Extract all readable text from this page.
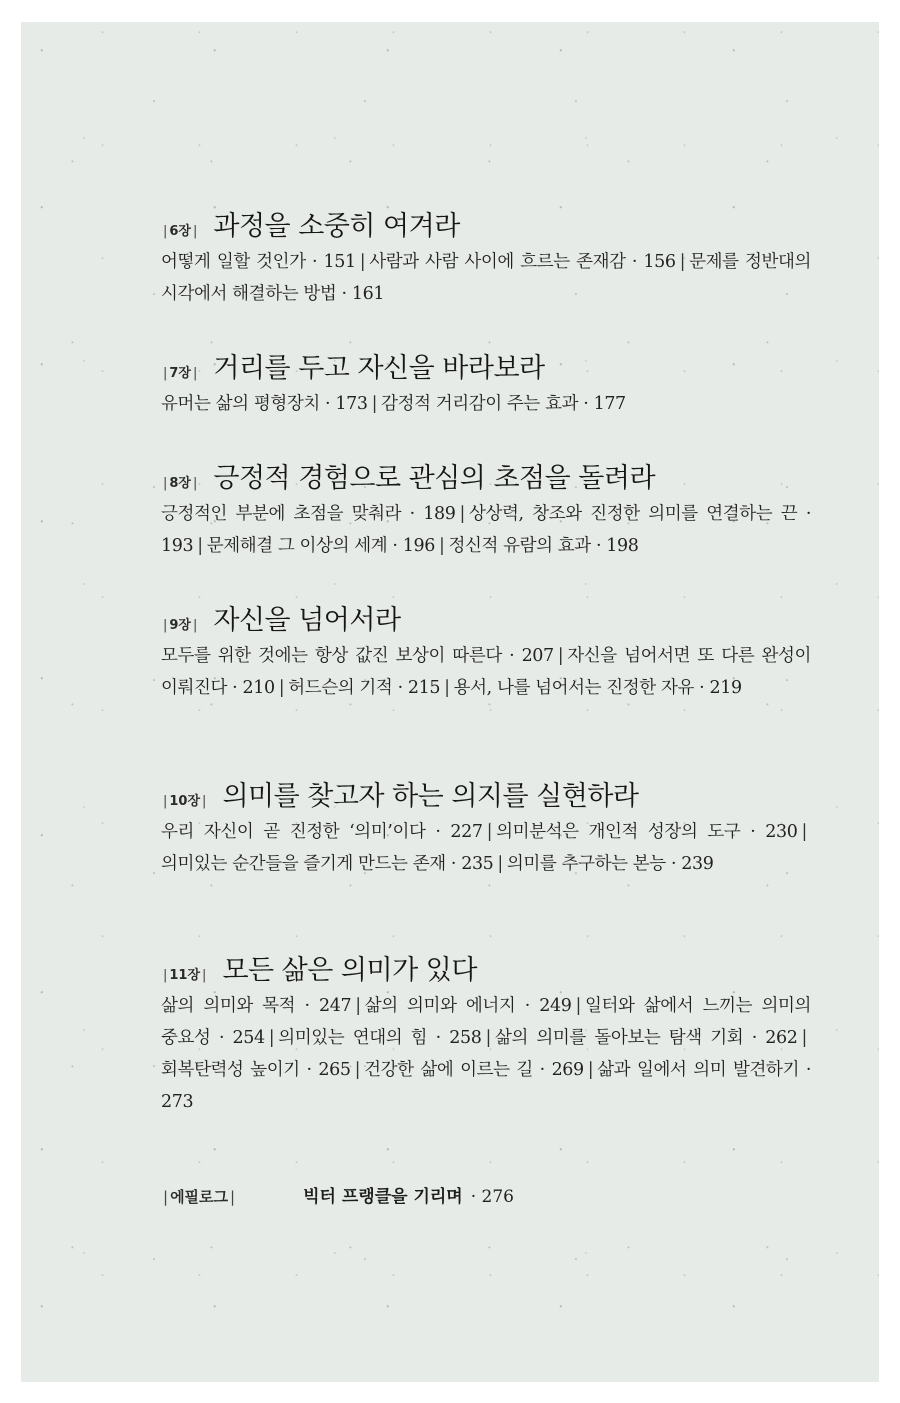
| 6장 | 과정을 소중히 여겨라
어떻게 일할 것인가 · 151 | 사람과 사람 사이에 흐르는 존재감 · 156 | 문제를 정반대의 시각에서 해결하는 방법 · 161
| 7장 | 거리를 두고 자신을 바라보라
유머는 삶의 평형장치 · 173 | 감정적 거리감이 주는 효과 · 177
| 8장 | 긍정적 경험으로 관심의 초점을 돌려라
긍정적인 부분에 초점을 맞춰라 · 189 | 상상력, 창조와 진정한 의미를 연결하는 끈 · 193 | 문제해결 그 이상의 세계 · 196 | 정신적 유람의 효과 · 198
| 9장 | 자신을 넘어서라
모두를 위한 것에는 항상 값진 보상이 따른다 · 207 | 자신을 넘어서면 또 다른 완성이 이뤄진다 · 210 | 허드슨의 기적 · 215 | 용서, 나를 넘어서는 진정한 자유 · 219
| 10장 | 의미를 찾고자 하는 의지를 실현하라
우리 자신이 곧 진정한 ‘의미’이다 · 227 | 의미분석은 개인적 성장의 도구 · 230 |의미있는 순간들을 즐기게 만드는 존재 · 235 | 의미를 추구하는 본능 · 239
| 11장 | 모든 삶은 의미가 있다
삶의 의미와 목적 · 247 | 삶의 의미와 에너지 · 249 | 일터와 삶에서 느끼는 의미의 중요성 · 254 | 의미있는 연대의 힘 · 258 | 삶의 의미를 돌아보는 탐색 기회 · 262 |회복탄력성 높이기 · 265 | 건강한 삶에 이르는 길 · 269 | 삶과 일에서 의미 발견하기 · 273
| 에필로그 |	빅터 프랭클을 기리며 · 276
